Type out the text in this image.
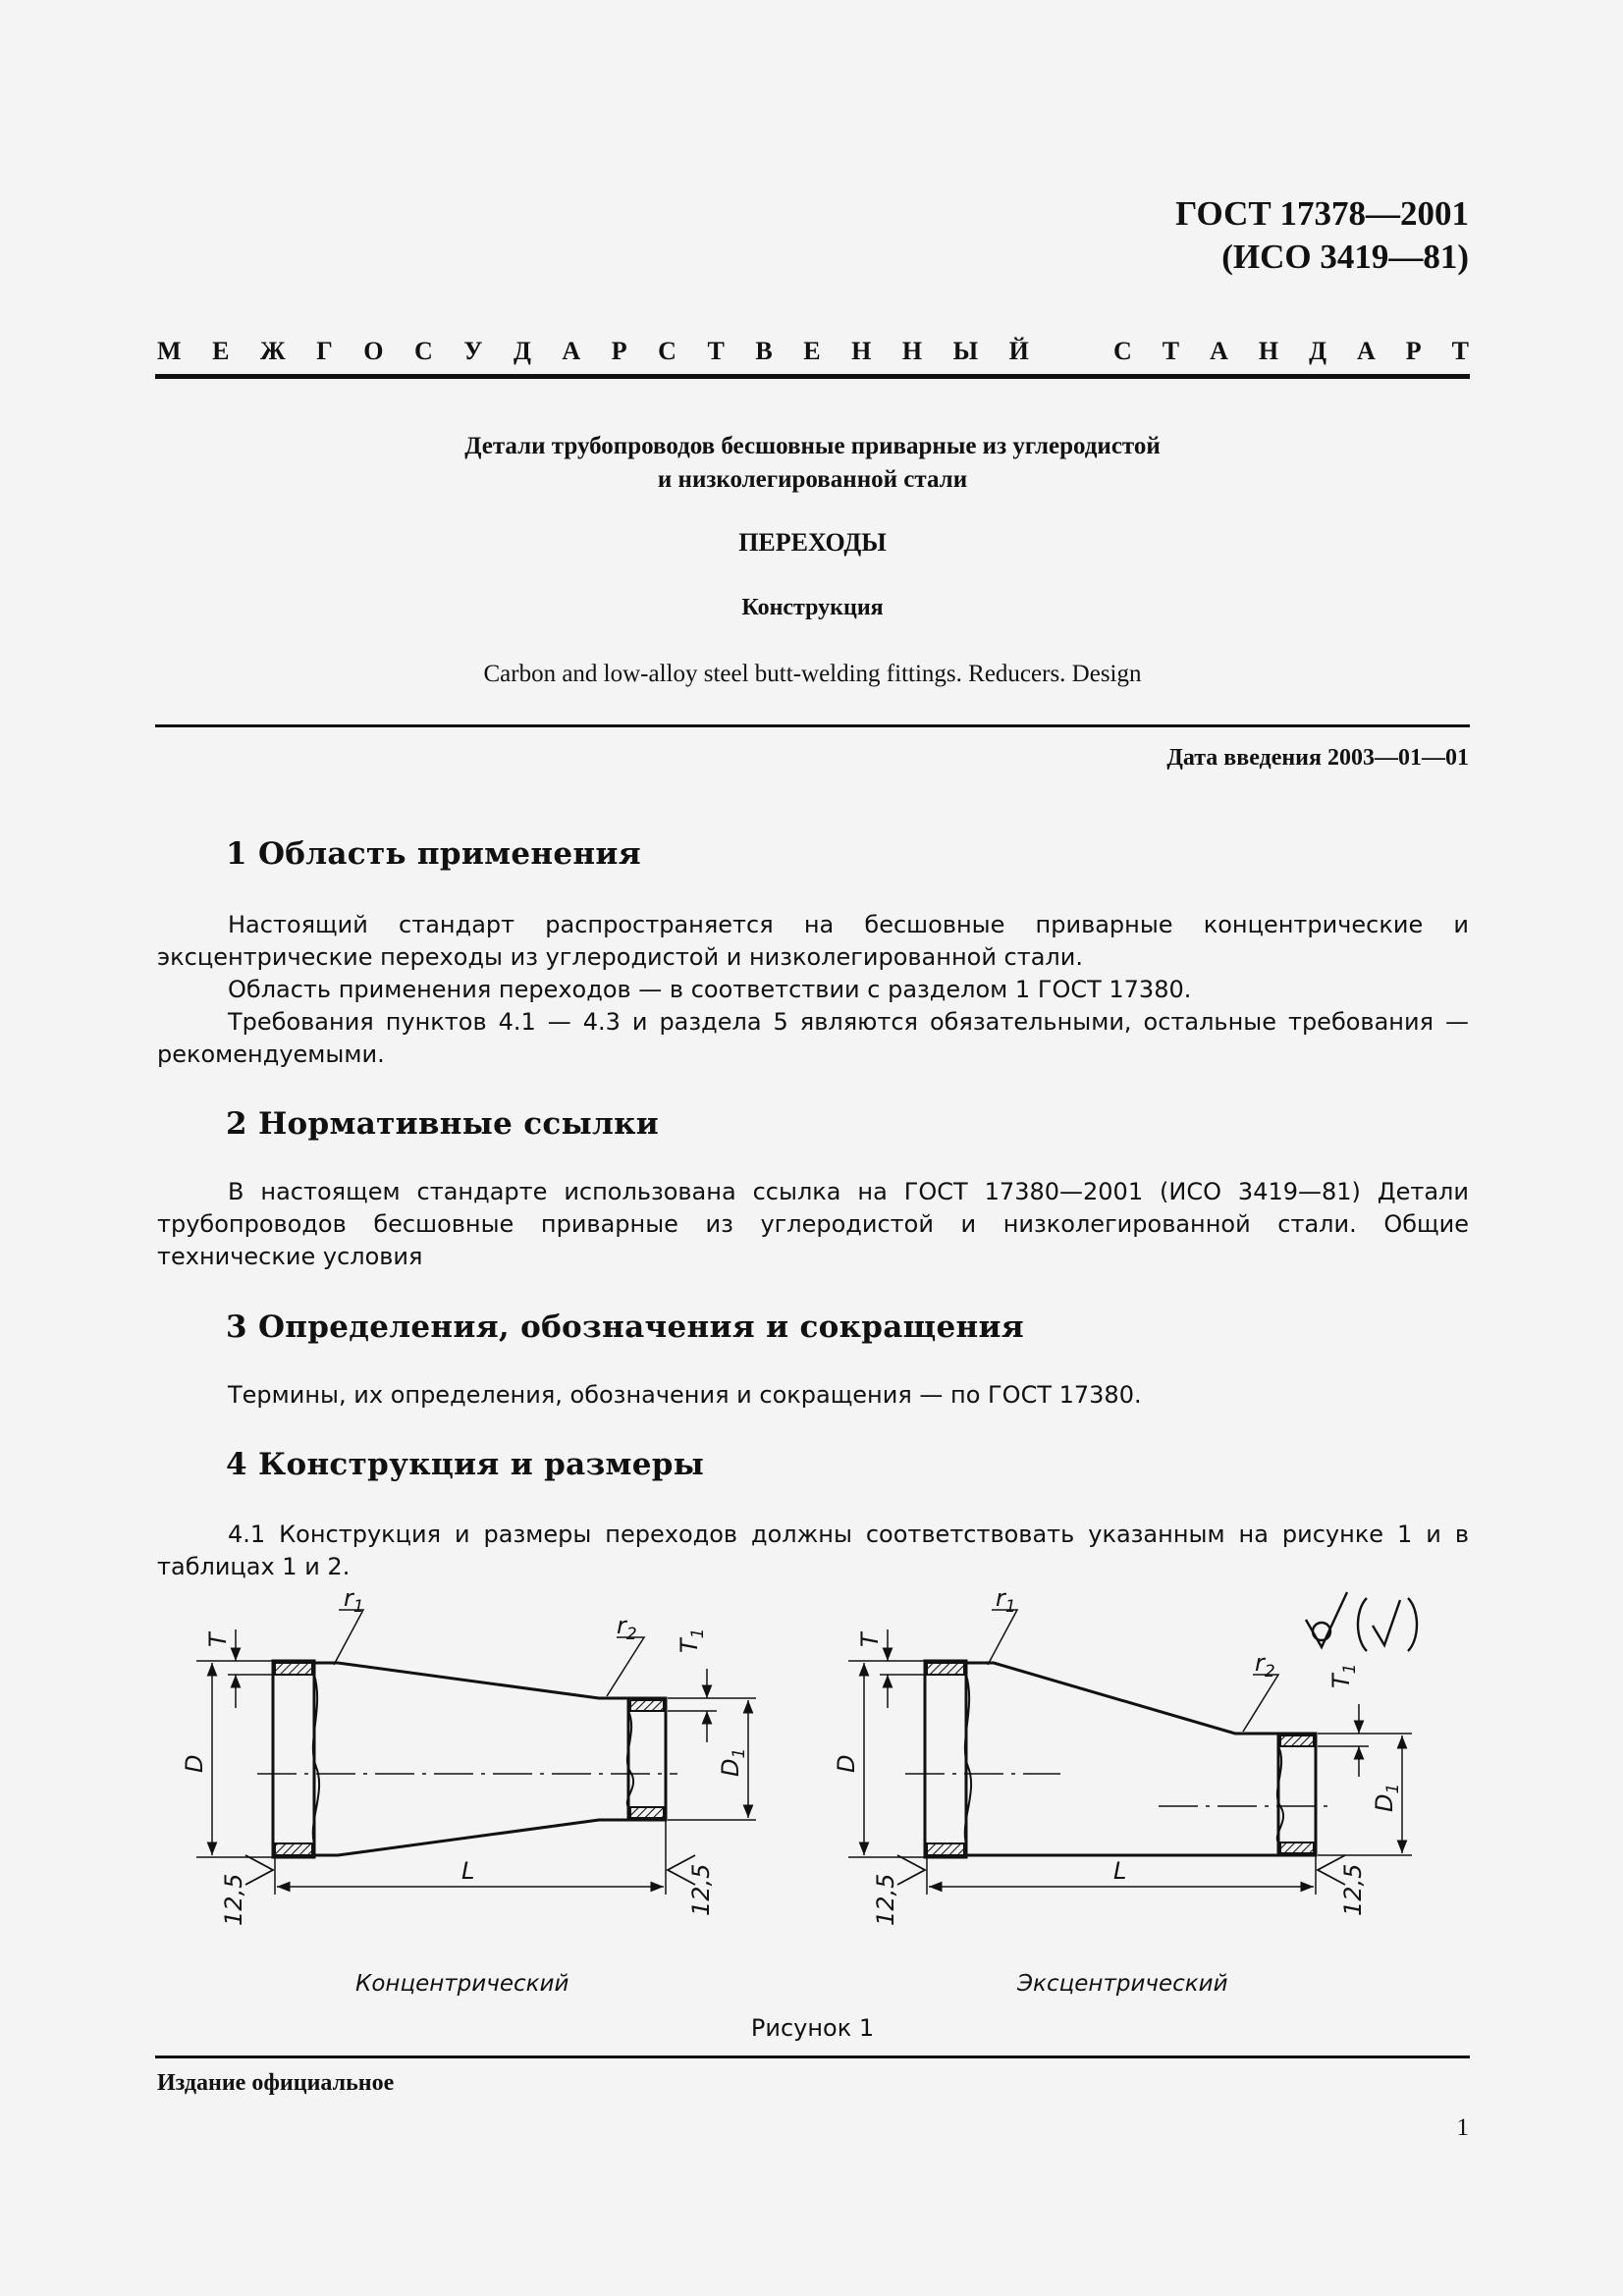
ГОСТ 17378—2001
(ИСО 3419—81)
М Е Ж Г О С У Д А Р С Т В Е Н Н Ы Й	С Т А Н Д А Р Т
Детали трубопроводов бесшовные приварные из углеродистой
и низколегированной стали
ПЕРЕХОДЫ
Конструкция
Carbon and low-alloy steel butt-welding fittings. Reducers. Design
Дата введения 2003—01—01
1 Область применения

Настоящий стандарт распространяется на бесшовные приварные концентрические и эксцентрические переходы из углеродистой и низколегированной стали.

Область применения переходов — в соответствии с разделом 1 ГОСТ 17380.

Требования пунктов 4.1 — 4.3 и раздела 5 являются обязательными, остальные требования — рекомендуемыми.

2 Нормативные ссылки

В настоящем стандарте использована ссылка на ГОСТ 17380—2001 (ИСО 3419—81) Детали трубопроводов бесшовные приварные из углеродистой и низколегированной стали. Общие технические условия

3 Определения, обозначения и сокращения

Термины, их определения, обозначения и сокращения — по ГОСТ 17380.

4 Конструкция и размеры

4.1 Конструкция и размеры переходов должны соответствовать указанным на рисунке 1 и в таблицах 1 и 2.

T
$r_1$
$r_2$
$T_1$
D	$D_1$
L
12,5	12,5
Концентрический
T
$r_1$
$r_2$ $T_1$
D
$D_1$
L
12,5	12,5
Эксцентрический
Рисунок 1
Издание официальное
1
